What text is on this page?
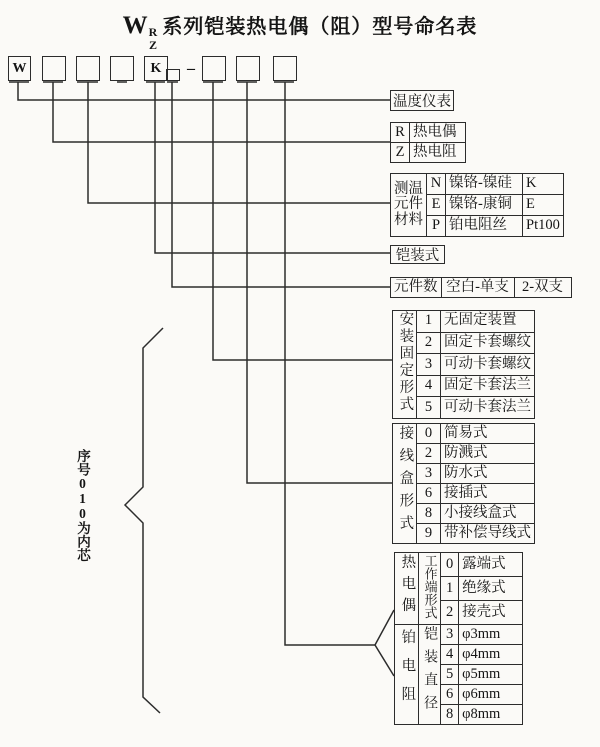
W R
Z
系列铠装热电偶（阻）型号命名表
W	K	–
序号010为内芯
温度仪表
R	热电偶
Z	热电阻
测温
元件
材料	N	镍铬-镍硅	K
	E	镍铬-康铜	E
	P	铂电阻丝	Pt100
铠装式
元件数	空白-单支	2-双支
安装固定形式	1	无固定装置
	2	固定卡套螺纹
	3	可动卡套螺纹
	4	固定卡套法兰
	5	可动卡套法兰
接线盒形式	0	简易式
	2	防溅式
	3	防水式
	6	接插式
	8	小接线盒式
	9	带补偿导线式
热电偶	工作端形式	0	露端式
		1	绝缘式
		2	接壳式
铂电阻	铠装直径	3	φ3mm
		4	φ4mm
		5	φ5mm
		6	φ6mm
		8	φ8mm
